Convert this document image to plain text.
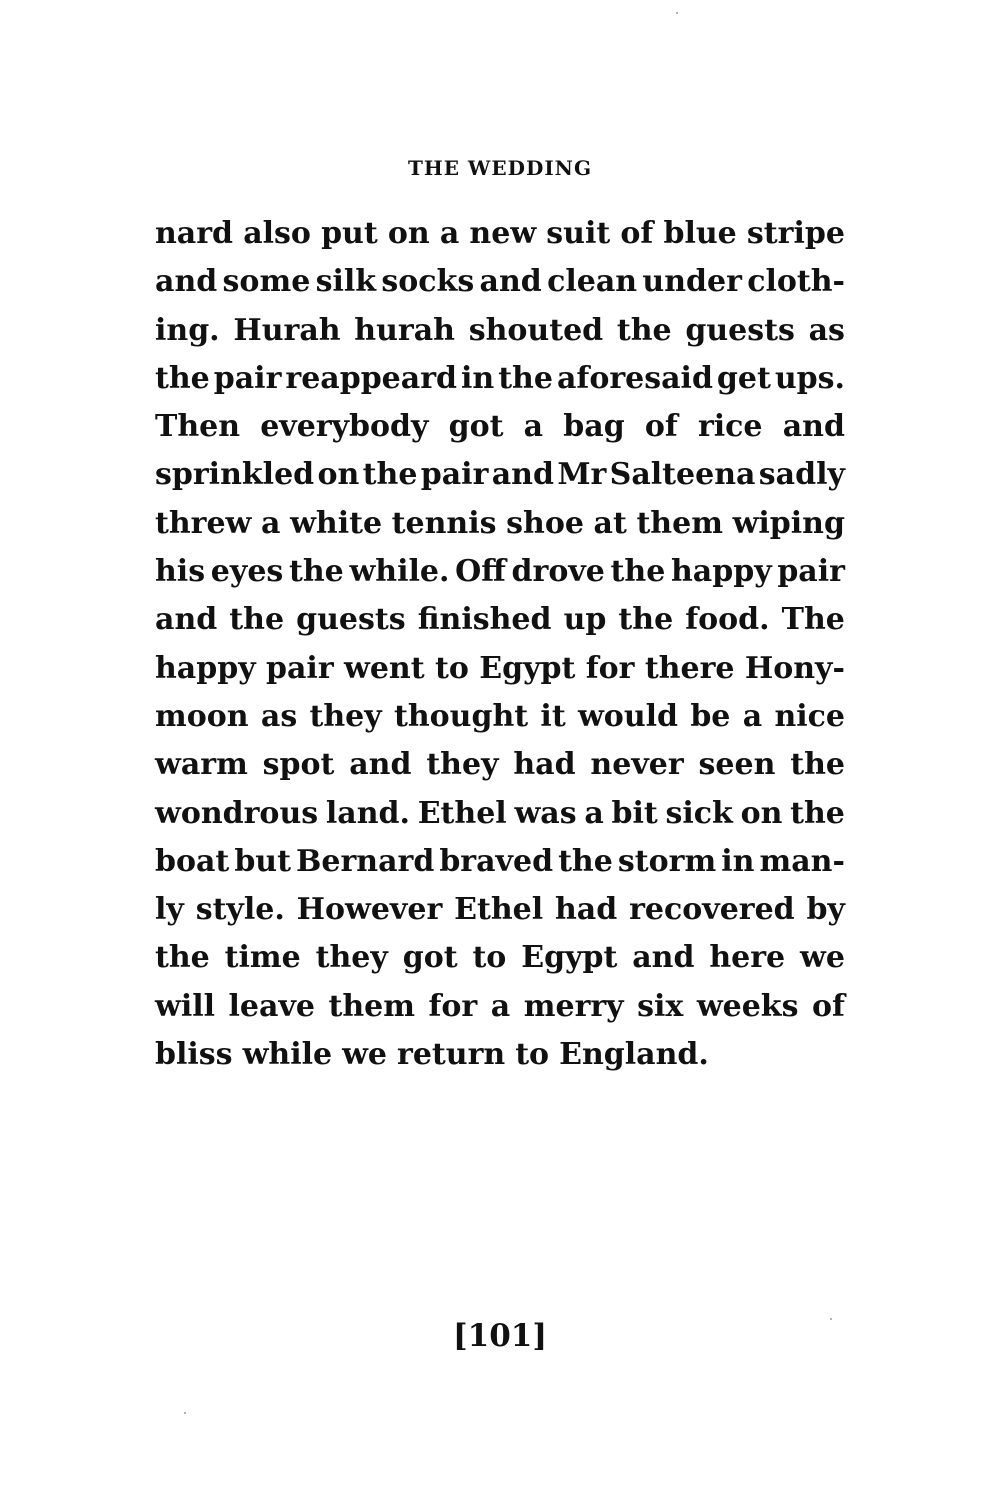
THE WEDDING
nard also put on a new suit of blue stripe
and some silk socks and clean under cloth-
ing. Hurah hurah shouted the guests as
the pair reappeard in the aforesaid get ups.
Then everybody got a bag of rice and
sprinkled on the pair and Mr Salteena sadly
threw a white tennis shoe at them wiping
his eyes the while. Off drove the happy pair
and the guests finished up the food. The
happy pair went to Egypt for there Hony-
moon as they thought it would be a nice
warm spot and they had never seen the
wondrous land. Ethel was a bit sick on the
boat but Bernard braved the storm in man-
ly style. However Ethel had recovered by
the time they got to Egypt and here we
will leave them for a merry six weeks of
bliss while we return to England.
[101]
